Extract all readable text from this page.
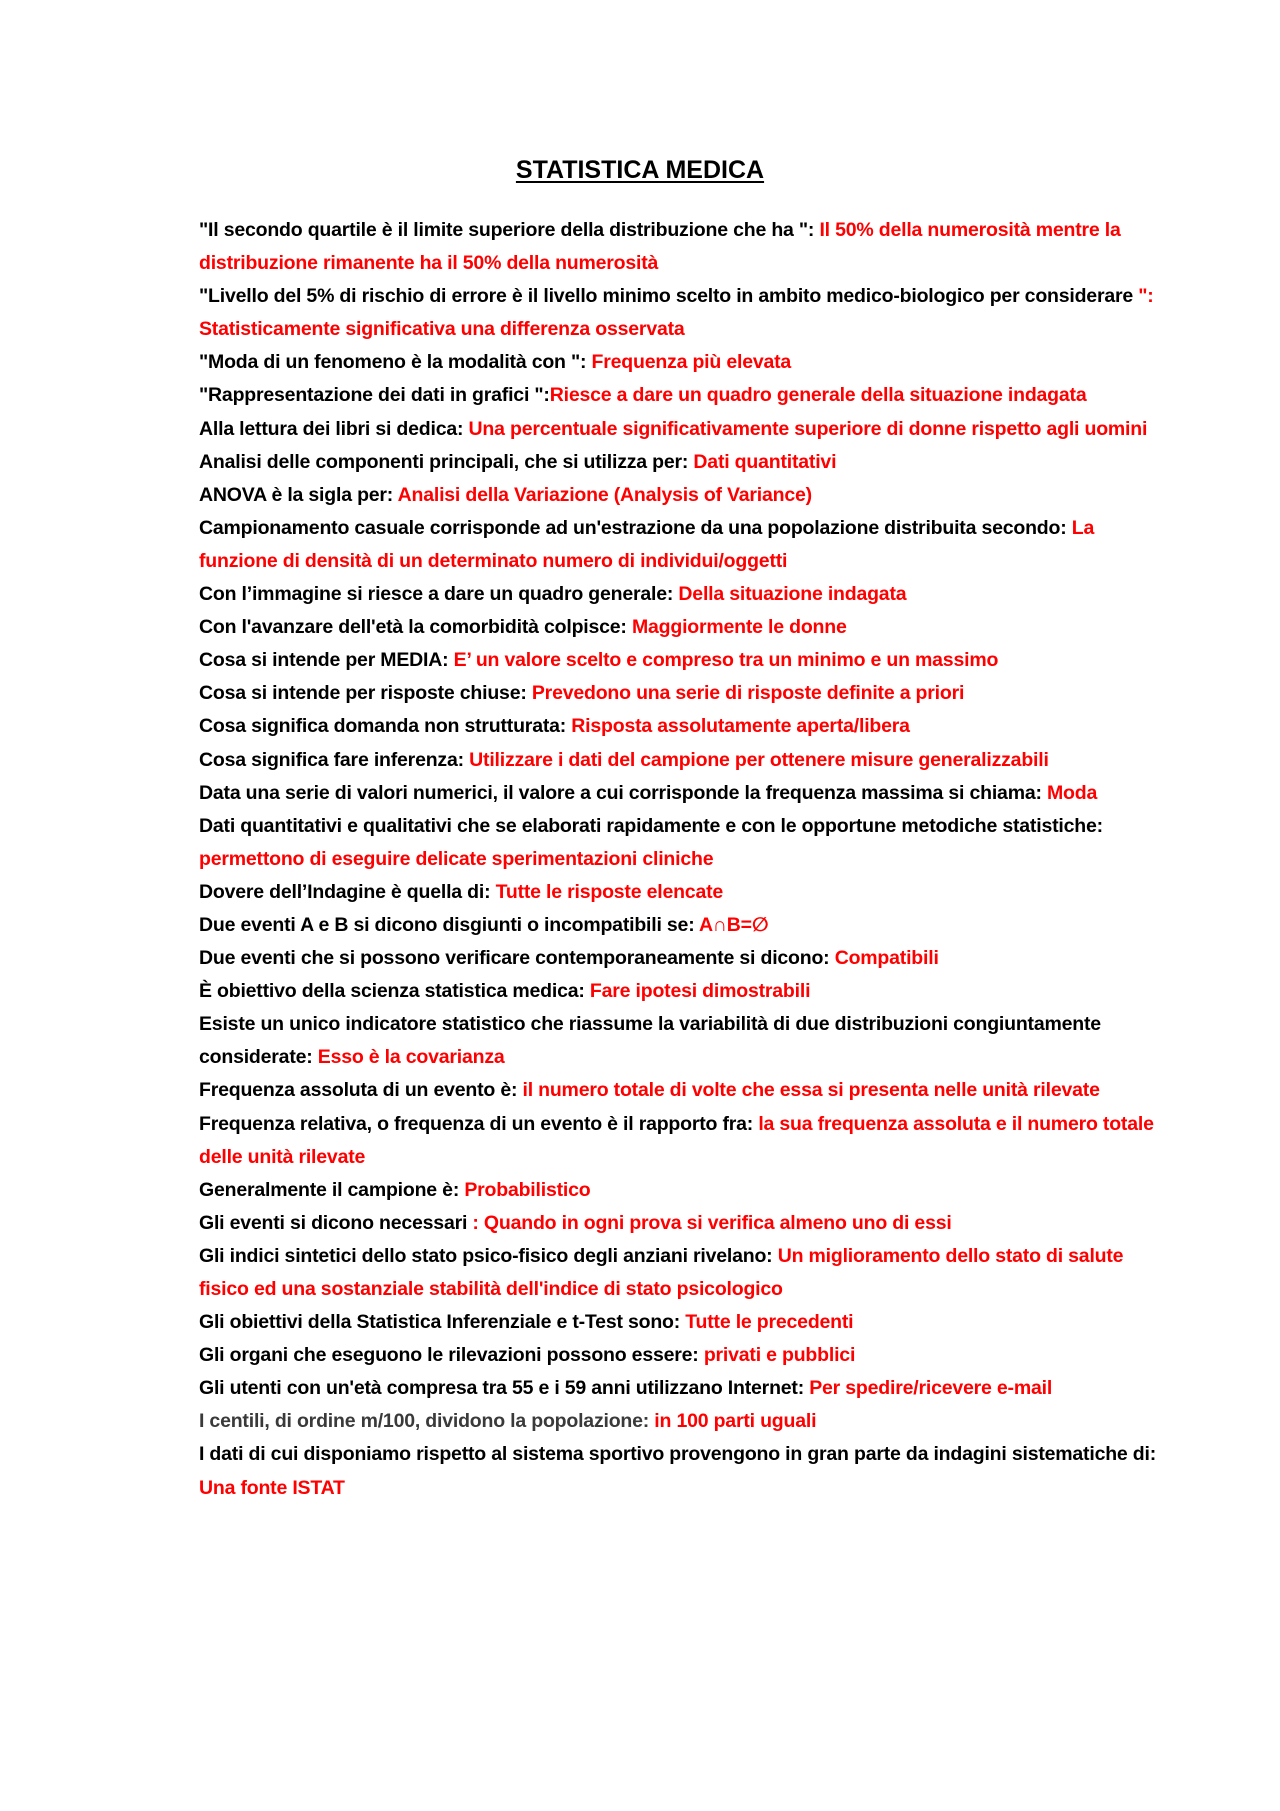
STATISTICA MEDICA

"Il secondo quartile è il limite superiore della distribuzione che ha ": Il 50% della numerosità mentre la distribuzione rimanente ha il 50% della numerosità

"Livello del 5% di rischio di errore è il livello minimo scelto in ambito medico-biologico per considerare ": Statisticamente significativa una differenza osservata

"Moda di un fenomeno è la modalità con ": Frequenza più elevata

"Rappresentazione dei dati in grafici ":Riesce a dare un quadro generale della situazione indagata

Alla lettura dei libri si dedica: Una percentuale significativamente superiore di donne rispetto agli uomini

Analisi delle componenti principali, che si utilizza per: Dati quantitativi

ANOVA è la sigla per: Analisi della Variazione (Analysis of Variance)

Campionamento casuale corrisponde ad un'estrazione da una popolazione distribuita secondo: La funzione di densità di un determinato numero di individui/oggetti

Con l’immagine si riesce a dare un quadro generale: Della situazione indagata

Con l'avanzare dell'età la comorbidità colpisce: Maggiormente le donne

Cosa si intende per MEDIA: E’ un valore scelto e compreso tra un minimo e un massimo

Cosa si intende per risposte chiuse: Prevedono una serie di risposte definite a priori

Cosa significa domanda non strutturata: Risposta assolutamente aperta/libera

Cosa significa fare inferenza: Utilizzare i dati del campione per ottenere misure generalizzabili

Data una serie di valori numerici, il valore a cui corrisponde la frequenza massima si chiama: Moda

Dati quantitativi e qualitativi che se elaborati rapidamente e con le opportune metodiche statistiche: permettono di eseguire delicate sperimentazioni cliniche

Dovere dell’Indagine è quella di: Tutte le risposte elencate

Due eventi A e B si dicono disgiunti o incompatibili se: A∩B=∅

Due eventi che si possono verificare contemporaneamente si dicono: Compatibili

È obiettivo della scienza statistica medica: Fare ipotesi dimostrabili

Esiste un unico indicatore statistico che riassume la variabilità di due distribuzioni congiuntamente considerate: Esso è la covarianza

Frequenza assoluta di un evento è: il numero totale di volte che essa si presenta nelle unità rilevate

Frequenza relativa, o frequenza di un evento è il rapporto fra: la sua frequenza assoluta e il numero totale delle unità rilevate

Generalmente il campione è: Probabilistico

Gli eventi si dicono necessari : Quando in ogni prova si verifica almeno uno di essi

Gli indici sintetici dello stato psico-fisico degli anziani rivelano: Un miglioramento dello stato di salute fisico ed una sostanziale stabilità dell'indice di stato psicologico

Gli obiettivi della Statistica Inferenziale e t-Test sono: Tutte le precedenti

Gli organi che eseguono le rilevazioni possono essere: privati e pubblici

Gli utenti con un'età compresa tra 55 e i 59 anni utilizzano Internet: Per spedire/ricevere e-mail

I centili, di ordine m/100, dividono la popolazione: in 100 parti uguali

I dati di cui disponiamo rispetto al sistema sportivo provengono in gran parte da indagini sistematiche di: Una fonte ISTAT
